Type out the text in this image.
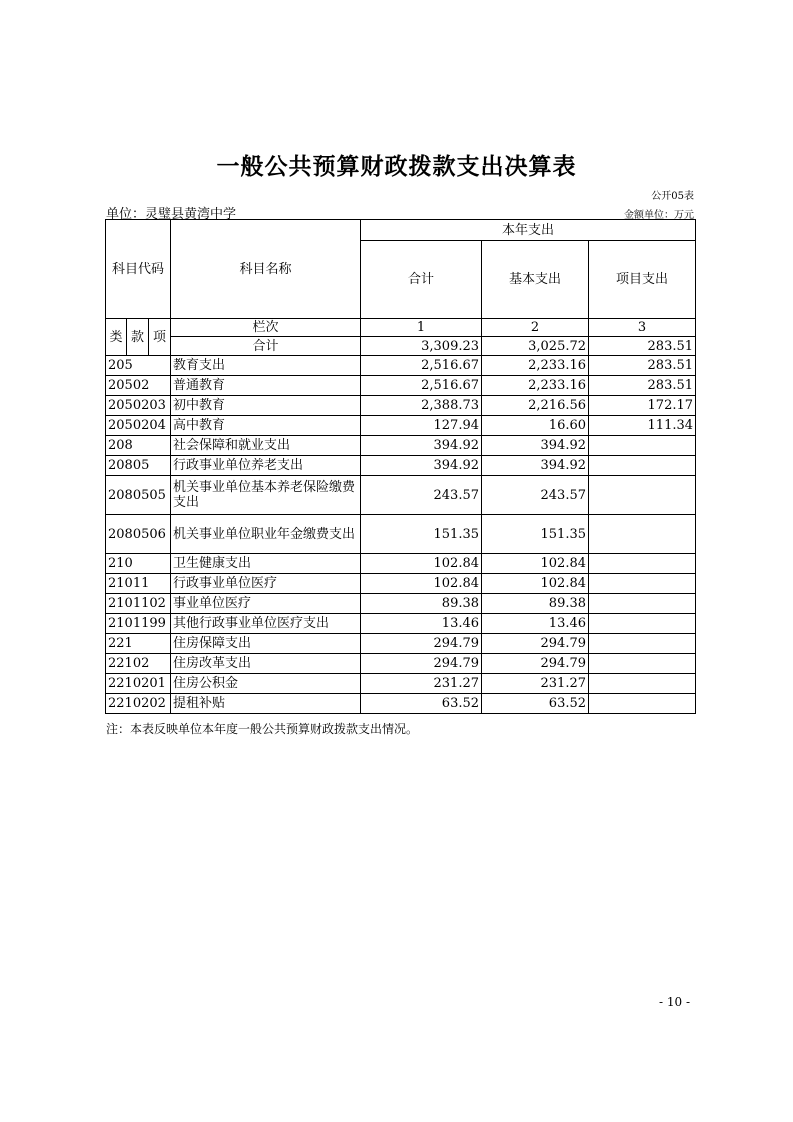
一般公共预算财政拨款支出决算表
公开05表
单位：灵璧县黄湾中学	金额单位：万元
科目代码			科目名称	本年支出		
				合计	基本支出	项目支出
类	款	项	栏次	1	2	3
			合计	3,309.23	3,025.72	283.51
205			教育支出	2,516.67	2,233.16	283.51
20502			普通教育	2,516.67	2,233.16	283.51
2050203			初中教育	2,388.73	2,216.56	172.17
2050204			高中教育	127.94	16.60	111.34
208			社会保障和就业支出	394.92	394.92	
20805			行政事业单位养老支出	394.92	394.92	
2080505			机关事业单位基本养老保险缴费支出	243.57	243.57	
2080506			机关事业单位职业年金缴费支出	151.35	151.35	
210			卫生健康支出	102.84	102.84	
21011			行政事业单位医疗	102.84	102.84	
2101102			事业单位医疗	89.38	89.38	
2101199			其他行政事业单位医疗支出	13.46	13.46	
221			住房保障支出	294.79	294.79	
22102			住房改革支出	294.79	294.79	
2210201			住房公积金	231.27	231.27	
2210202			提租补贴	63.52	63.52	
注：本表反映单位本年度一般公共预算财政拨款支出情况。
- 10 -
